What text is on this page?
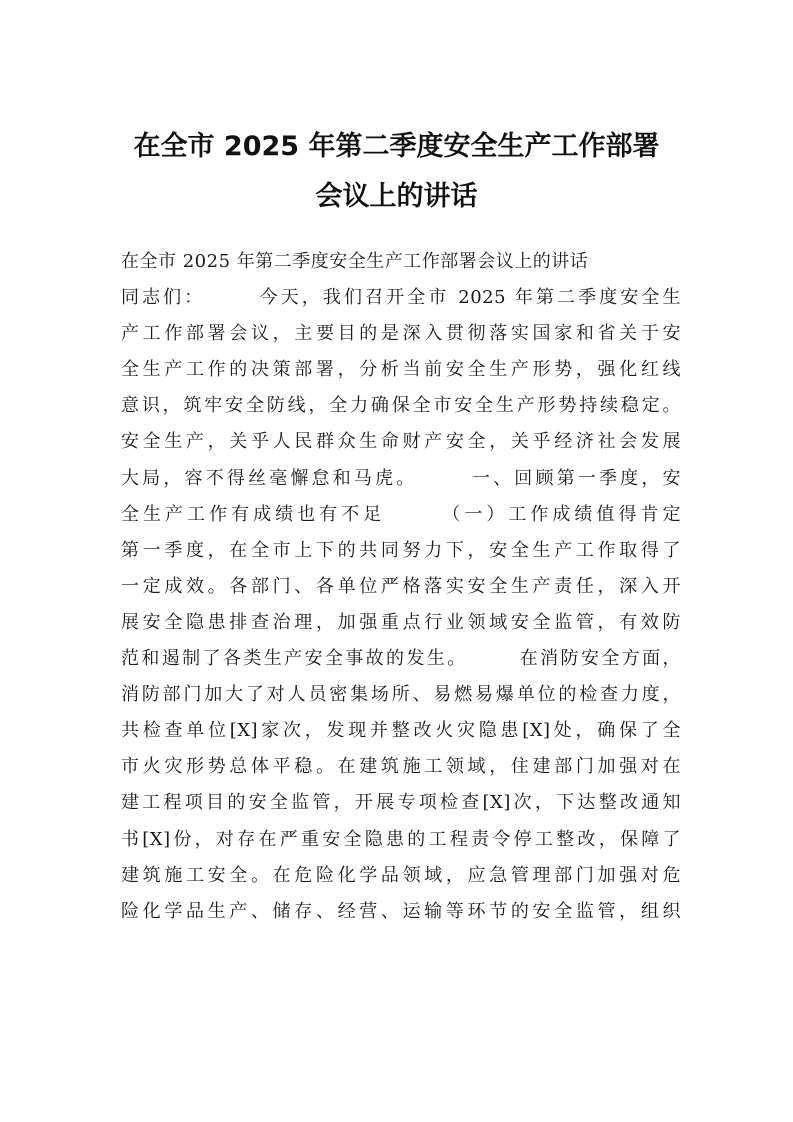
在全市 2025 年第二季度安全生产工作部署
会议上的讲话
在全市 2025 年第二季度安全生产工作部署会议上的讲话
同志们：　　　今天，我们召开全市 2025 年第二季度安全生
产工作部署会议，主要目的是深入贯彻落实国家和省关于安
全生产工作的决策部署，分析当前安全生产形势，强化红线
意识，筑牢安全防线，全力确保全市安全生产形势持续稳定。
安全生产，关乎人民群众生命财产安全，关乎经济社会发展
大局，容不得丝毫懈怠和马虎。　　　一、回顾第一季度，安
全生产工作有成绩也有不足　　　（一）工作成绩值得肯定
第一季度，在全市上下的共同努力下，安全生产工作取得了
一定成效。各部门、各单位严格落实安全生产责任，深入开
展安全隐患排查治理，加强重点行业领域安全监管，有效防
范和遏制了各类生产安全事故的发生。　　　在消防安全方面，
消防部门加大了对人员密集场所、易燃易爆单位的检查力度，
共检查单位[X]家次，发现并整改火灾隐患[X]处，确保了全
市火灾形势总体平稳。在建筑施工领域，住建部门加强对在
建工程项目的安全监管，开展专项检查[X]次，下达整改通知
书[X]份，对存在严重安全隐患的工程责令停工整改，保障了
建筑施工安全。在危险化学品领域，应急管理部门加强对危
险化学品生产、储存、经营、运输等环节的安全监管，组织
